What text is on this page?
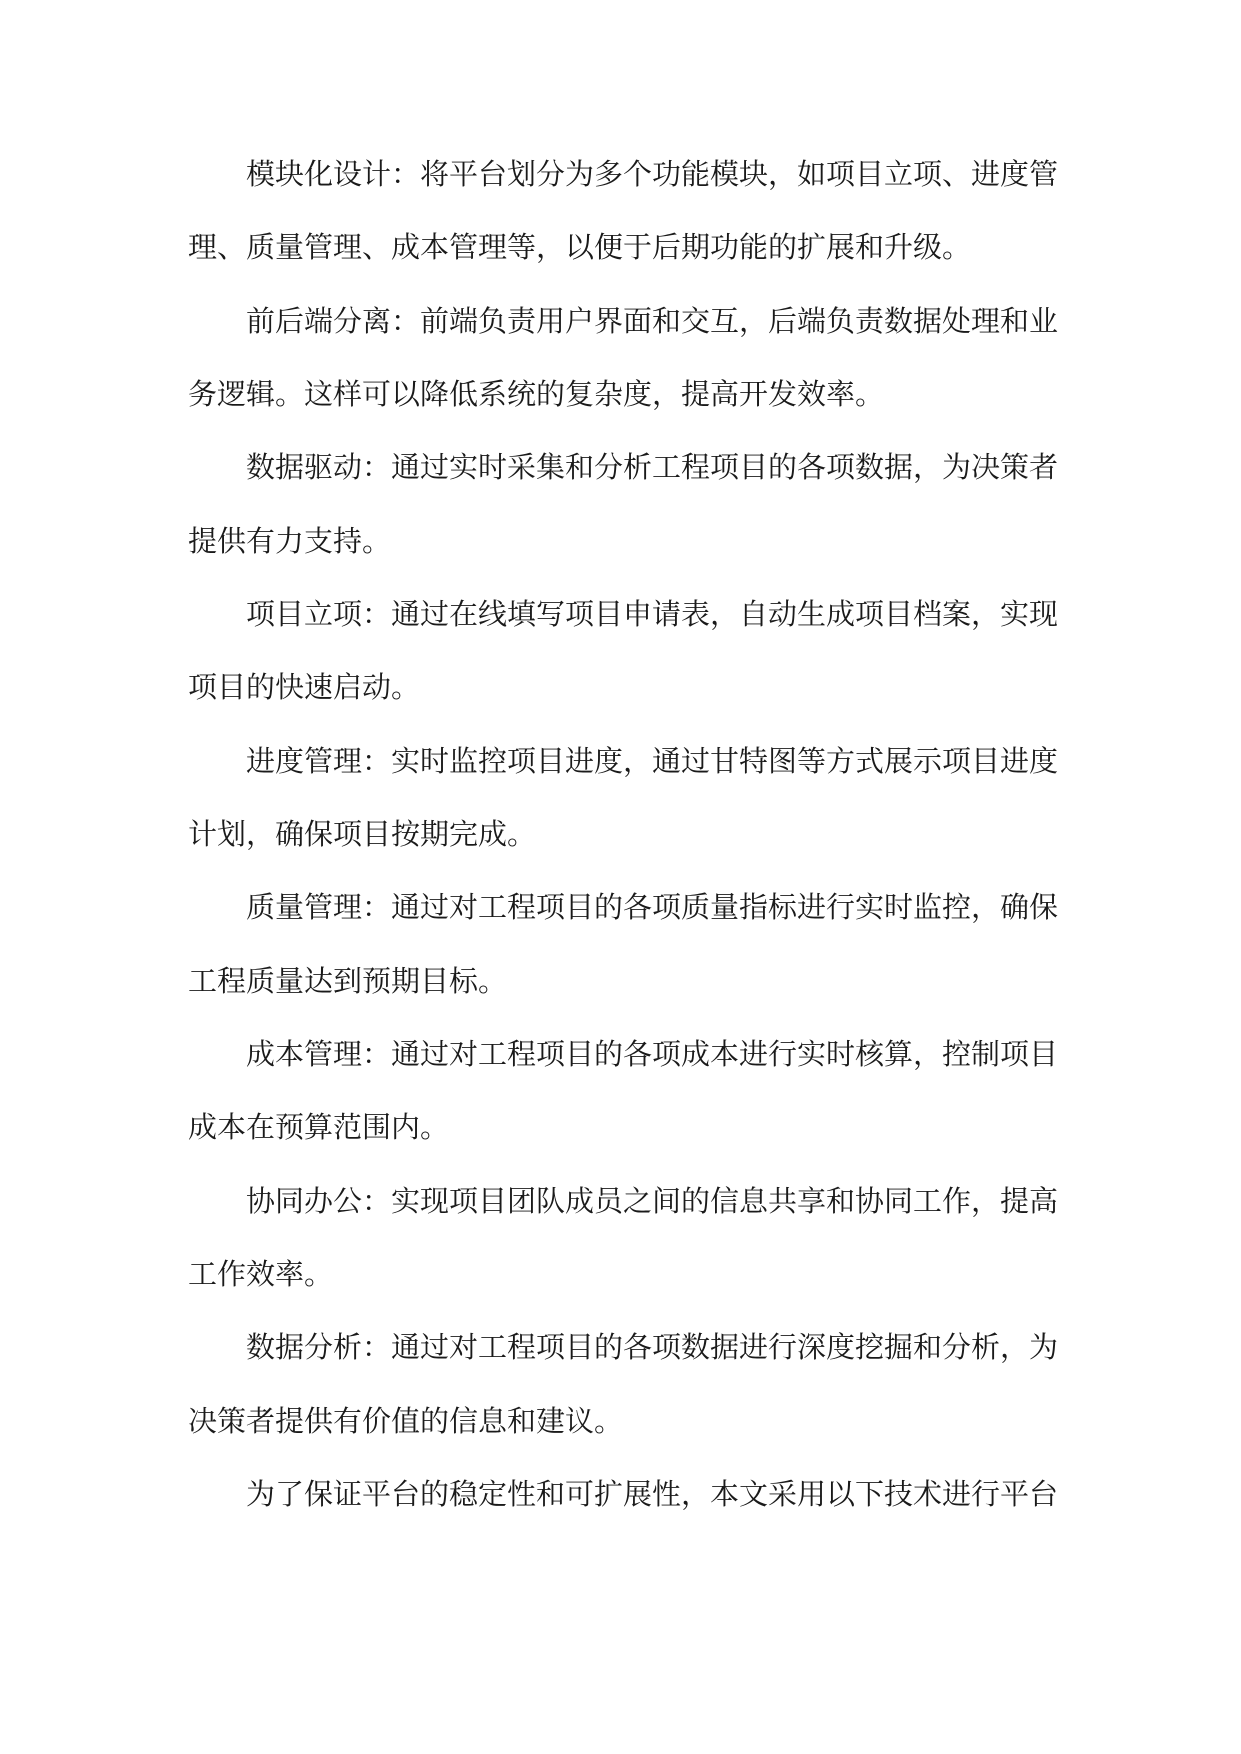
模块化设计：将平台划分为多个功能模块，如项目立项、进度管
理、质量管理、成本管理等，以便于后期功能的扩展和升级。
前后端分离：前端负责用户界面和交互，后端负责数据处理和业
务逻辑。这样可以降低系统的复杂度，提高开发效率。
数据驱动：通过实时采集和分析工程项目的各项数据，为决策者
提供有力支持。
项目立项：通过在线填写项目申请表，自动生成项目档案，实现
项目的快速启动。
进度管理：实时监控项目进度，通过甘特图等方式展示项目进度
计划，确保项目按期完成。
质量管理：通过对工程项目的各项质量指标进行实时监控，确保
工程质量达到预期目标。
成本管理：通过对工程项目的各项成本进行实时核算，控制项目
成本在预算范围内。
协同办公：实现项目团队成员之间的信息共享和协同工作，提高
工作效率。
数据分析：通过对工程项目的各项数据进行深度挖掘和分析，为
决策者提供有价值的信息和建议。
为了保证平台的稳定性和可扩展性，本文采用以下技术进行平台
